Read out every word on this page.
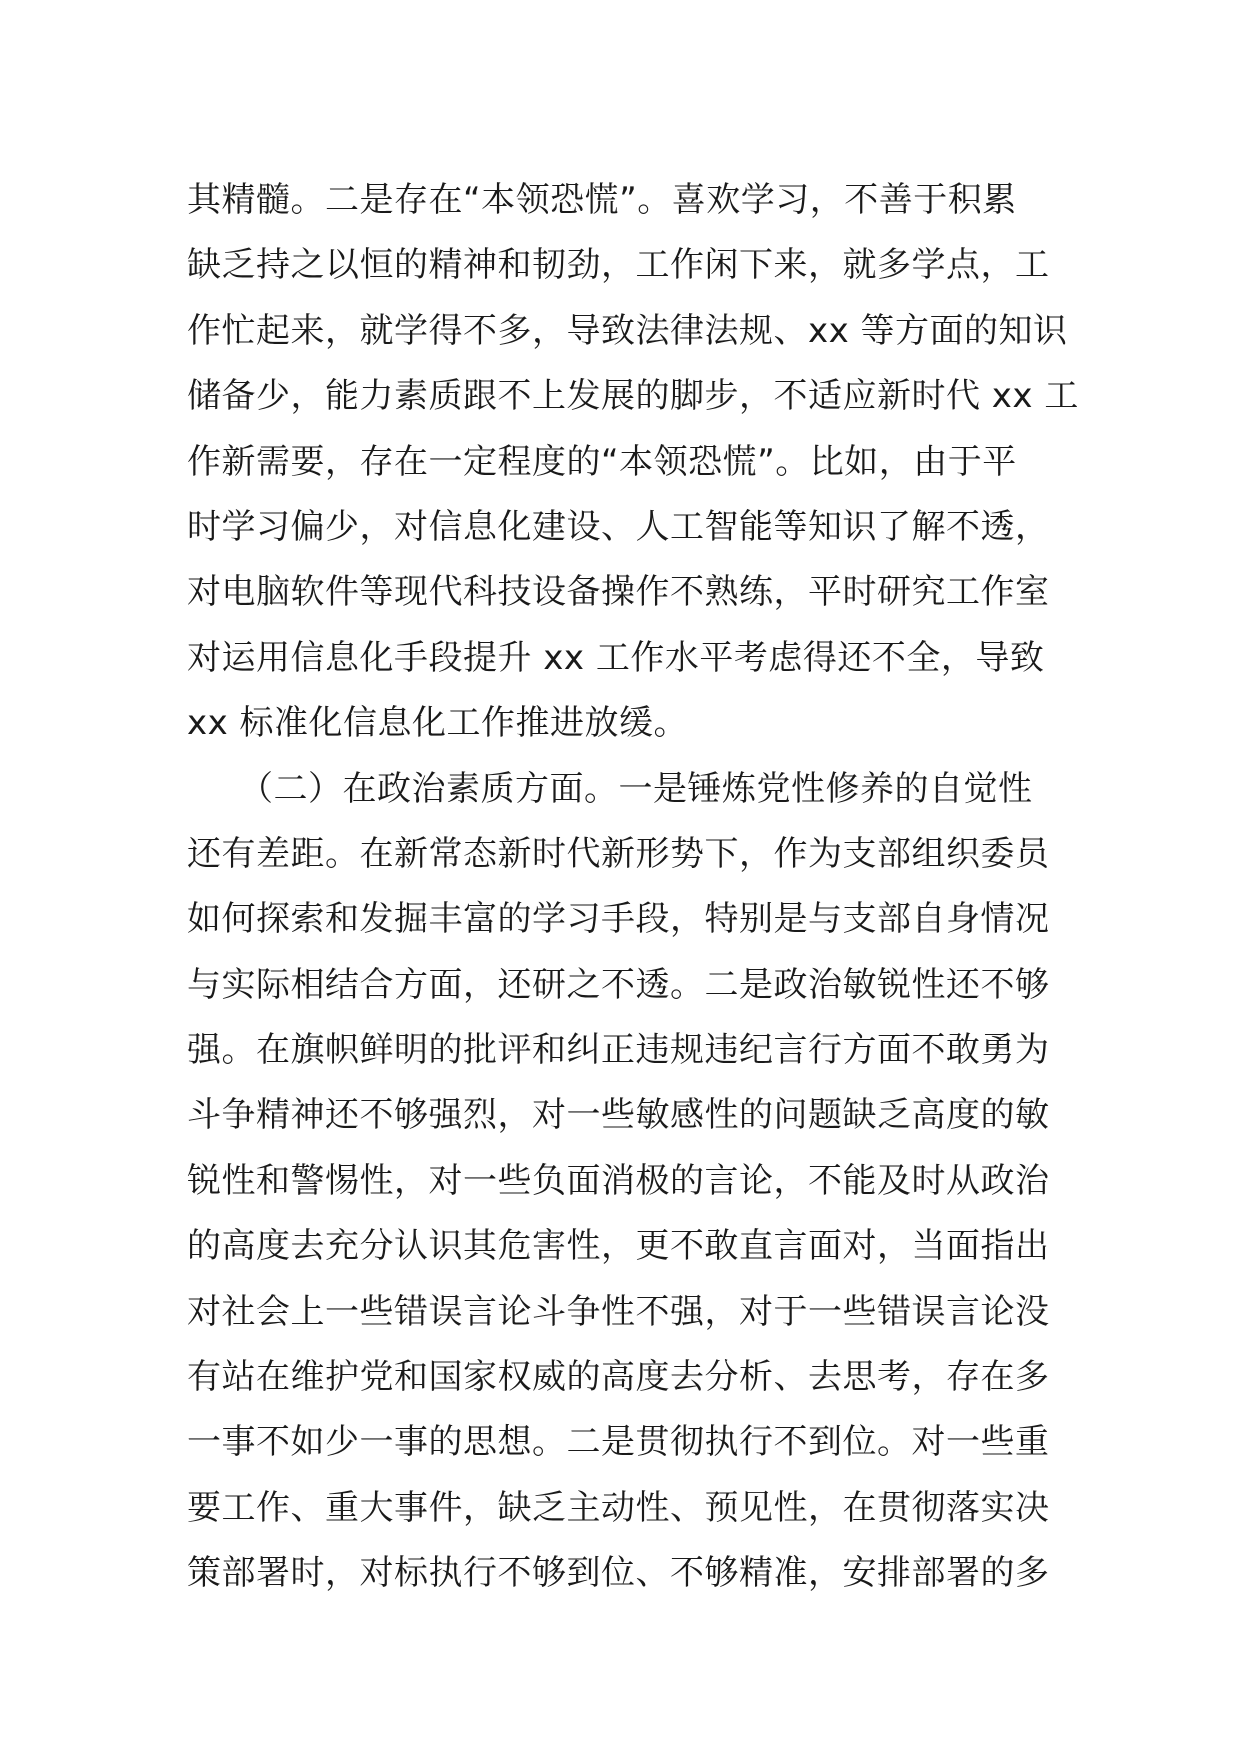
其精髓。二是存在“本领恐慌”。喜欢学习，不善于积累
缺乏持之以恒的精神和韧劲，工作闲下来，就多学点，工
作忙起来，就学得不多，导致法律法规、xx 等方面的知识
储备少，能力素质跟不上发展的脚步，不适应新时代 xx 工
作新需要，存在一定程度的“本领恐慌”。比如，由于平
时学习偏少，对信息化建设、人工智能等知识了解不透，
对电脑软件等现代科技设备操作不熟练，平时研究工作室
对运用信息化手段提升 xx 工作水平考虑得还不全，导致
xx 标准化信息化工作推进放缓。
　　（二）在政治素质方面。一是锤炼党性修养的自觉性
还有差距。在新常态新时代新形势下，作为支部组织委员
如何探索和发掘丰富的学习手段，特别是与支部自身情况
与实际相结合方面，还研之不透。二是政治敏锐性还不够
强。在旗帜鲜明的批评和纠正违规违纪言行方面不敢勇为
斗争精神还不够强烈，对一些敏感性的问题缺乏高度的敏
锐性和警惕性，对一些负面消极的言论，不能及时从政治
的高度去充分认识其危害性，更不敢直言面对，当面指出
对社会上一些错误言论斗争性不强，对于一些错误言论没
有站在维护党和国家权威的高度去分析、去思考，存在多
一事不如少一事的思想。二是贯彻执行不到位。对一些重
要工作、重大事件，缺乏主动性、预见性，在贯彻落实决
策部署时，对标执行不够到位、不够精准，安排部署的多
